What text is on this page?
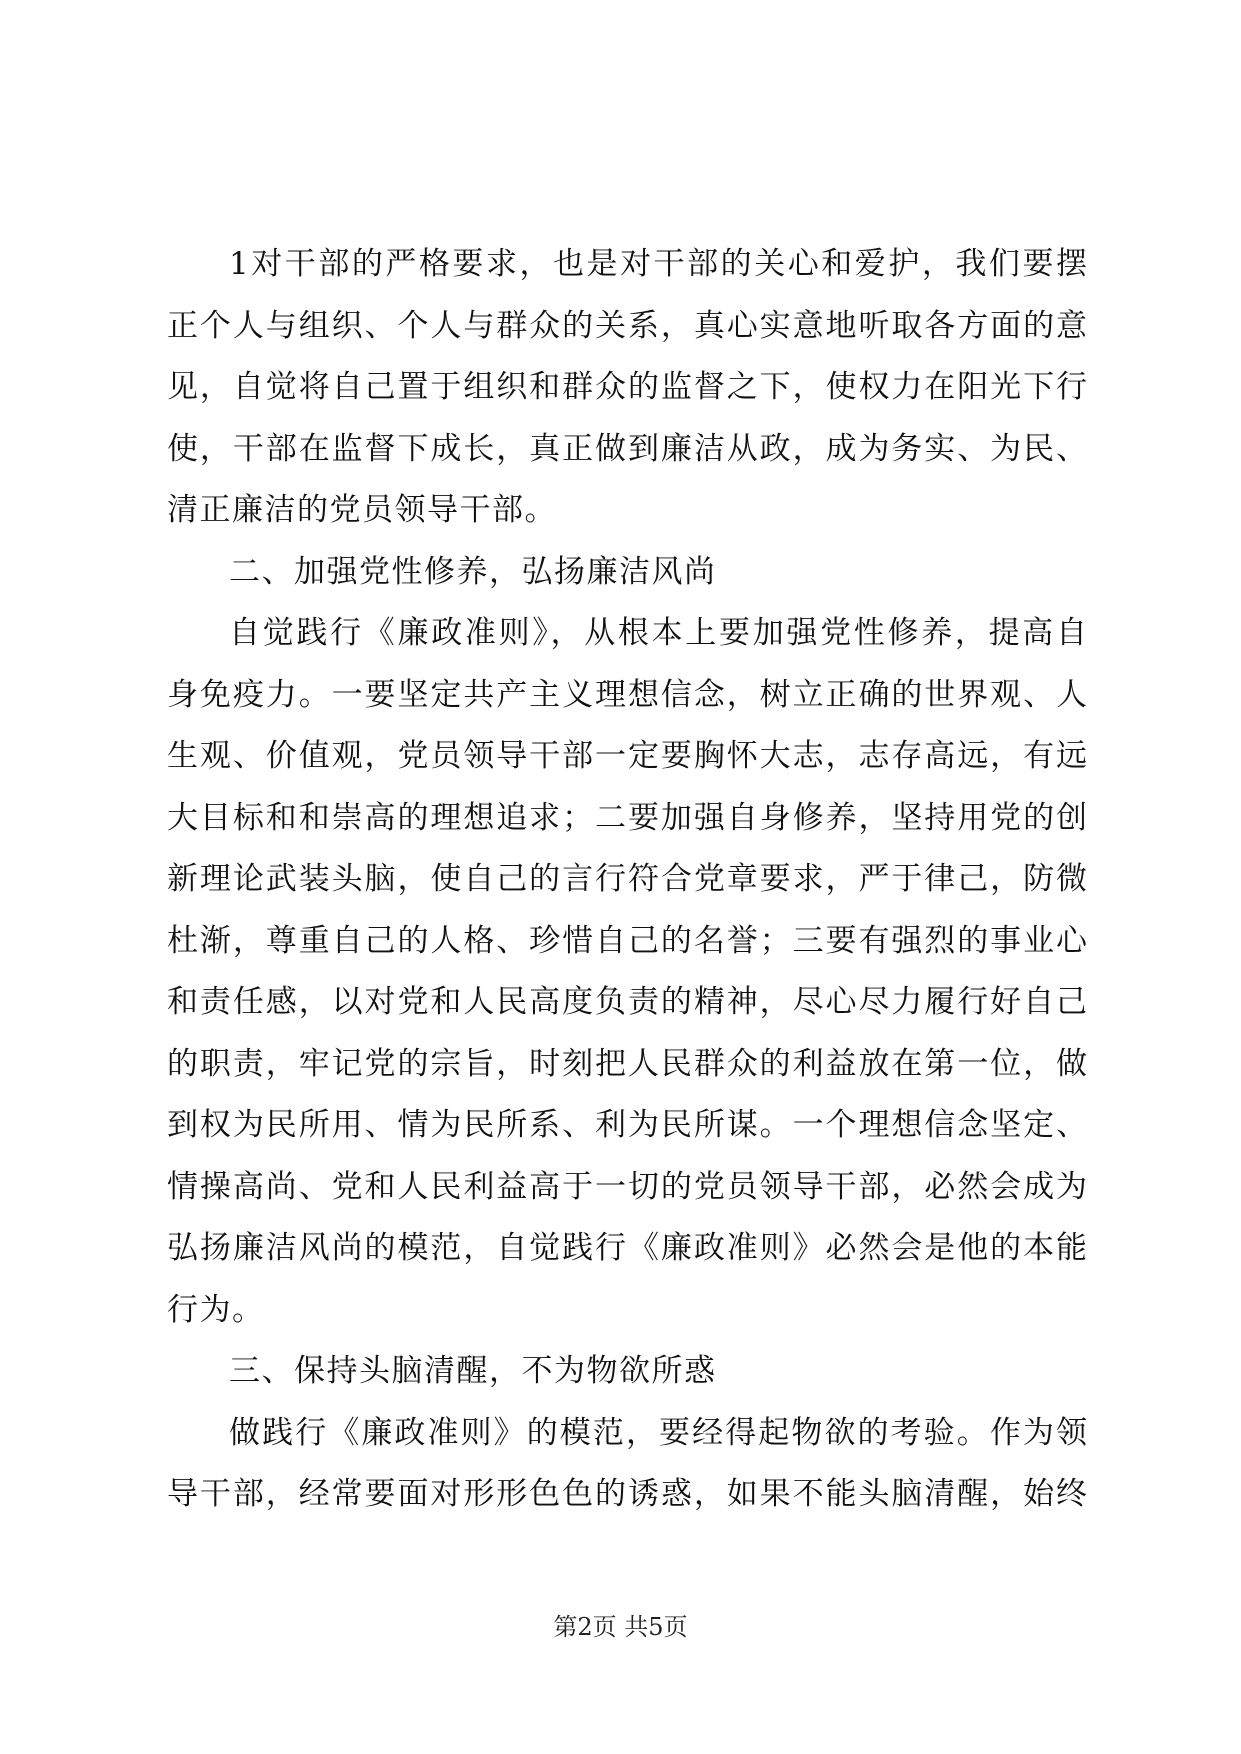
1对干部的严格要求，也是对干部的关心和爱护，我们要摆
正个人与组织、个人与群众的关系，真心实意地听取各方面的意
见，自觉将自己置于组织和群众的监督之下，使权力在阳光下行
使，干部在监督下成长，真正做到廉洁从政，成为务实、为民、
清正廉洁的党员领导干部。
二、加强党性修养，弘扬廉洁风尚
自觉践行《廉政准则》，从根本上要加强党性修养，提高自
身免疫力。一要坚定共产主义理想信念，树立正确的世界观、人
生观、价值观，党员领导干部一定要胸怀大志，志存高远，有远
大目标和和崇高的理想追求；二要加强自身修养，坚持用党的创
新理论武装头脑，使自己的言行符合党章要求，严于律己，防微
杜渐，尊重自己的人格、珍惜自己的名誉；三要有强烈的事业心
和责任感，以对党和人民高度负责的精神，尽心尽力履行好自己
的职责，牢记党的宗旨，时刻把人民群众的利益放在第一位，做
到权为民所用、情为民所系、利为民所谋。一个理想信念坚定、
情操高尚、党和人民利益高于一切的党员领导干部，必然会成为
弘扬廉洁风尚的模范，自觉践行《廉政准则》必然会是他的本能
行为。
三、保持头脑清醒，不为物欲所惑
做践行《廉政准则》的模范，要经得起物欲的考验。作为领
导干部，经常要面对形形色色的诱惑，如果不能头脑清醒，始终
第2页 共5页
